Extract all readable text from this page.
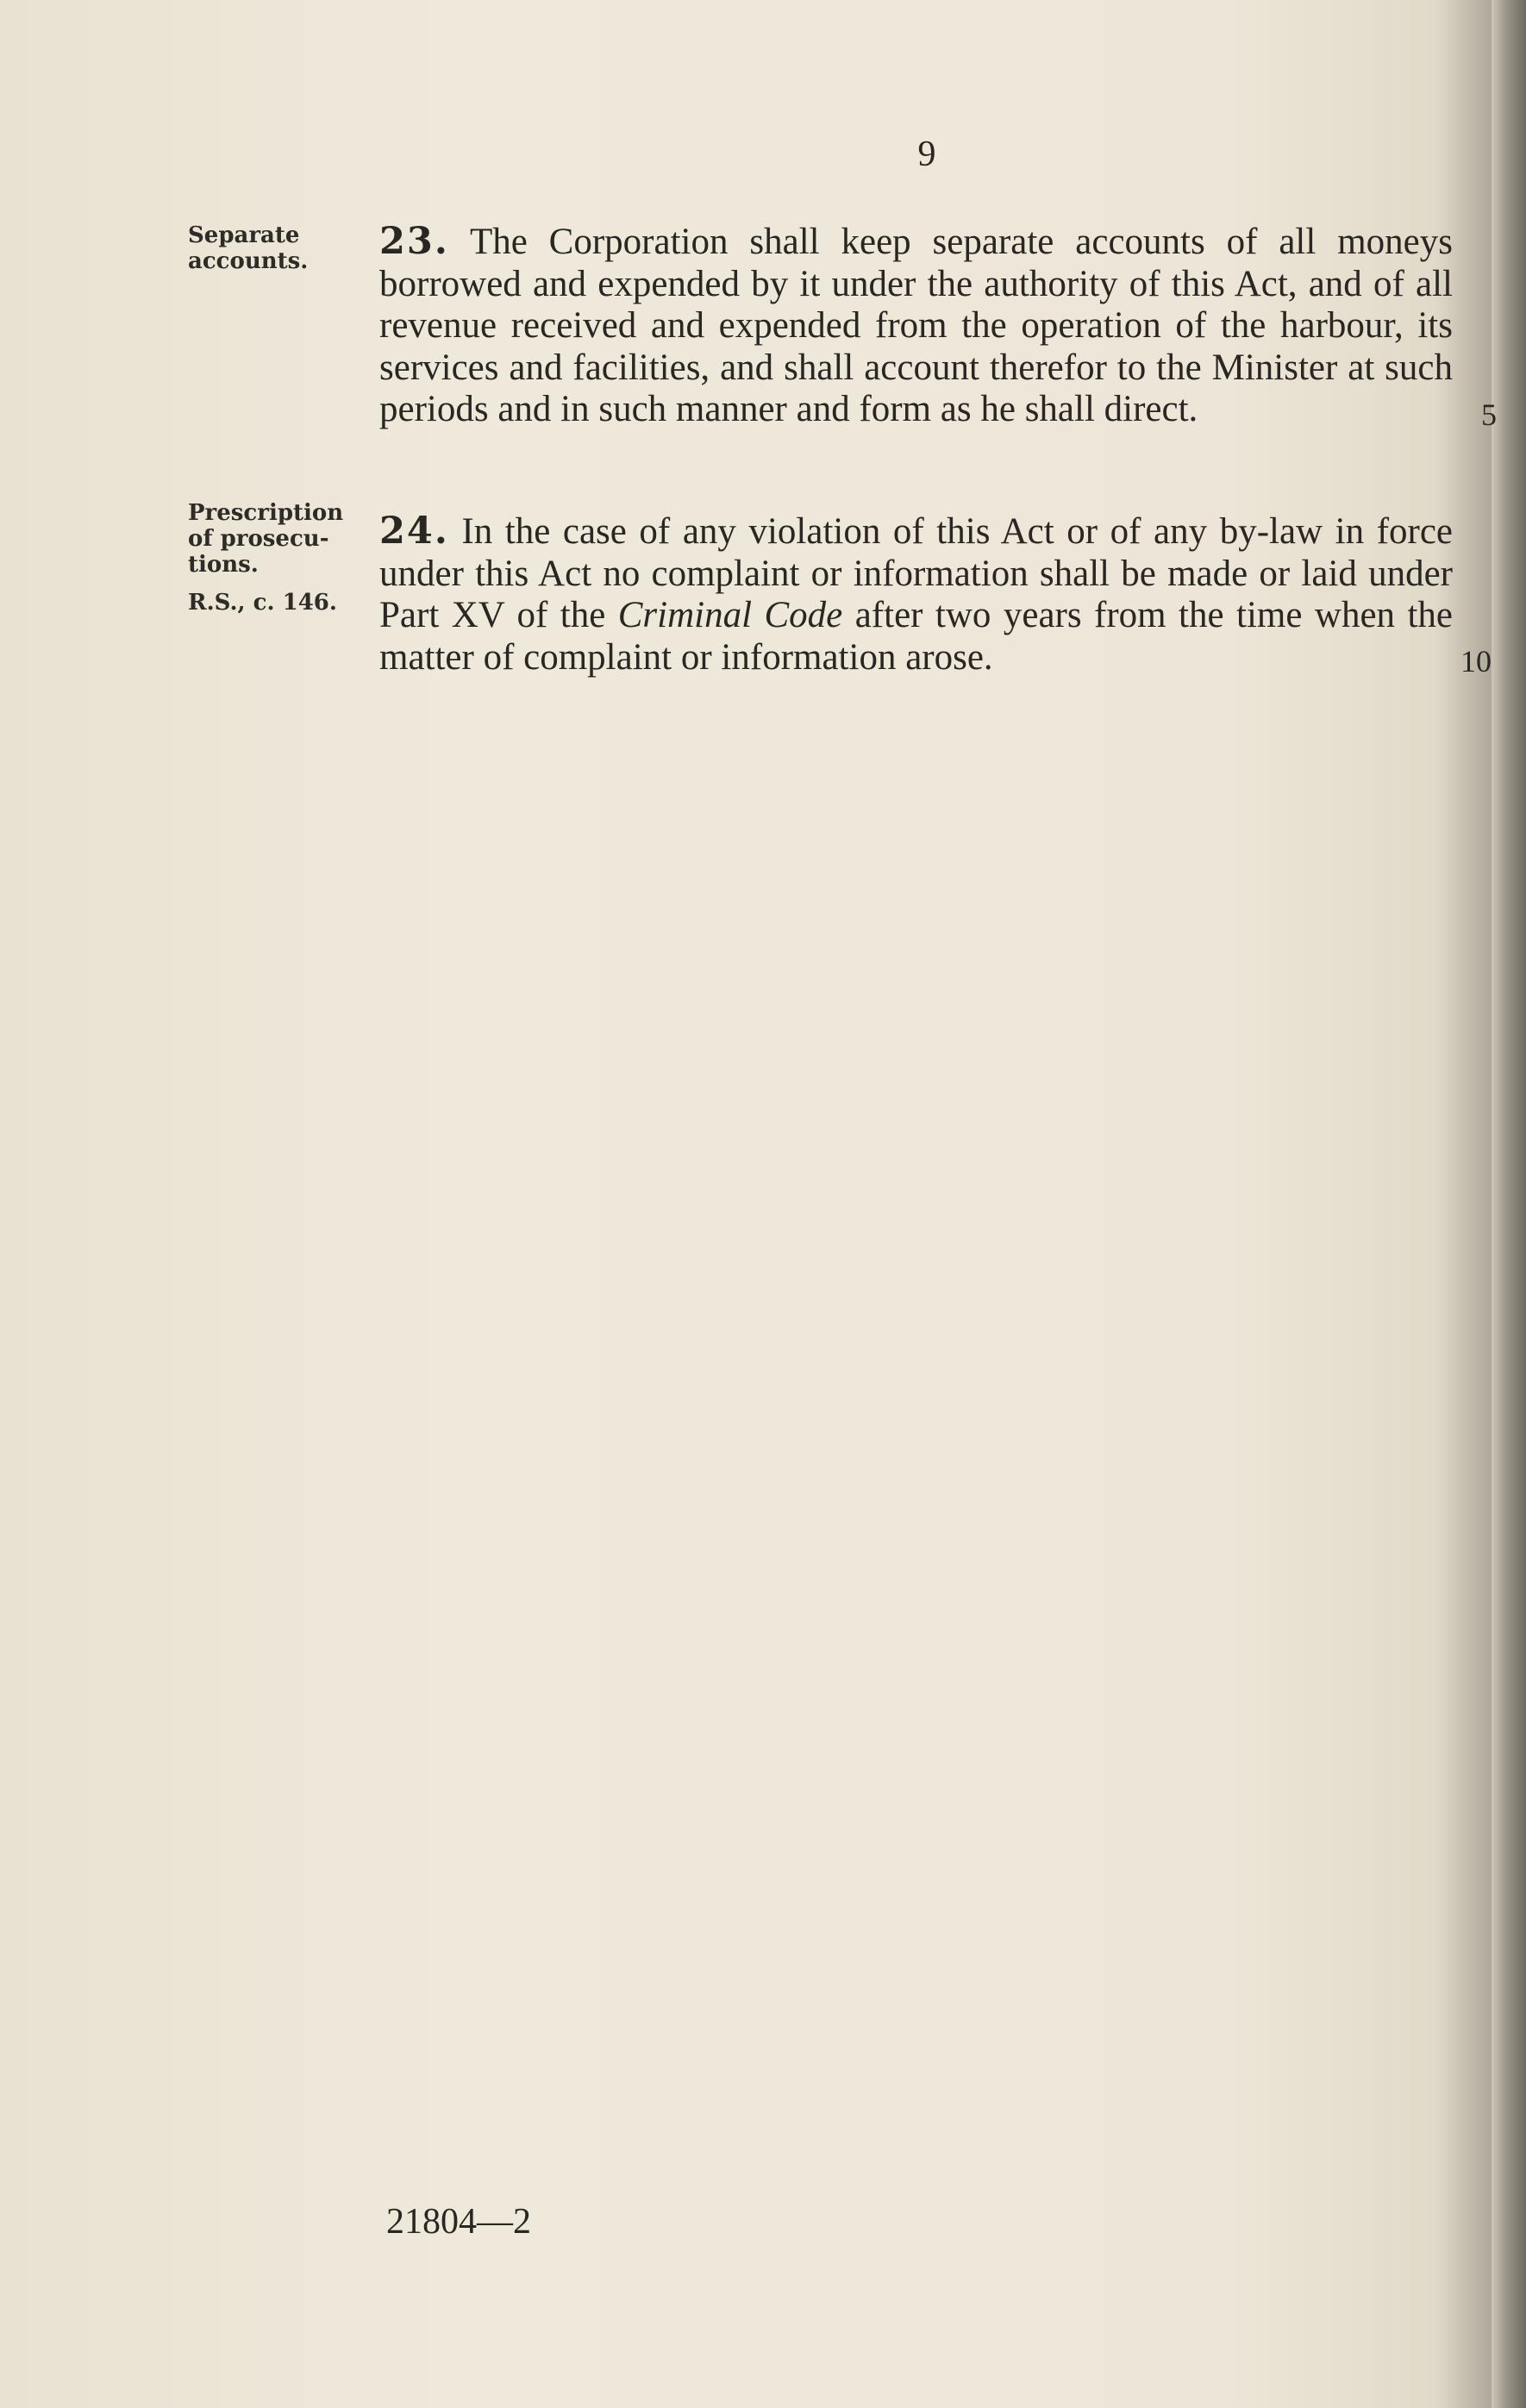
9
Separate accounts.
Prescription of prosecu- tions.
R.S., c. 146.

23. The Corporation shall keep separate accounts of all moneys borrowed and expended by it under the authority of this Act, and of all revenue received and expended from the operation of the harbour, its services and facilities, and shall account therefor to the Minister at such periods and in such manner and form as he shall direct.

24. In the case of any violation of this Act or of any by-law in force under this Act no complaint or information shall be made or laid under Part XV of the Criminal Code after two years from the time when the matter of complaint or information arose.

5
10
21804—2
